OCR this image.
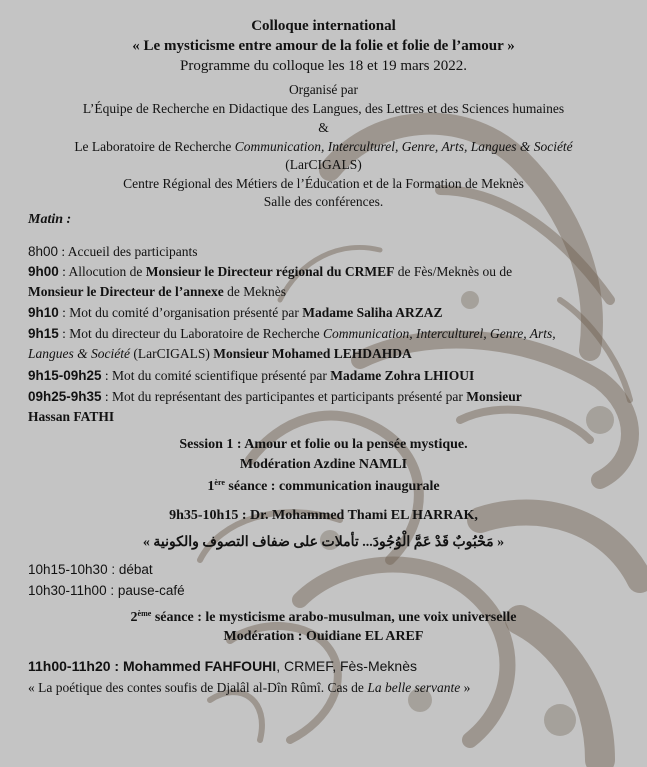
Colloque international
« Le mysticisme entre amour de la folie et folie de l’amour »
Programme du colloque les 18 et 19 mars 2022.
Organisé par
L’Équipe de Recherche en Didactique des Langues, des Lettres et des Sciences humaines
&
Le Laboratoire de Recherche Communication, Interculturel, Genre, Arts, Langues & Société
(LarCIGALS)
Centre Régional des Métiers de l’Éducation et de la Formation de Meknès
Salle des conférences.
Matin :
8h00 : Accueil des participants
9h00 : Allocution de Monsieur le Directeur régional du CRMEF de Fès/Meknès ou de
Monsieur le Directeur de l’annexe de Meknès
9h10 : Mot du comité d’organisation présenté par Madame Saliha ARZAZ
9h15 : Mot du directeur du Laboratoire de Recherche Communication, Interculturel, Genre, Arts,
Langues & Société (LarCIGALS) Monsieur Mohamed LEHDAHDA
9h15-09h25 : Mot du comité scientifique présenté par Madame Zohra LHIOUI
09h25-9h35 : Mot du représentant des participantes et participants présenté par Monsieur
Hassan FATHI
Session 1 : Amour et folie ou la pensée mystique.
Modération Azdine NAMLI
1ère séance : communication inaugurale
9h35-10h15 : Dr. Mohammed Thami EL HARRAK,
« مَحْبُوبٌ قَدْ عَمَّ الْوُجُودَ... تأملات على ضفاف التصوف والكونية »
10h15-10h30 : débat
10h30-11h00 : pause-café
2ème séance : le mysticisme arabo-musulman, une voix universelle
Modération : Ouidiane EL AREF
11h00-11h20 : Mohammed FAHFOUHI, CRMEF, Fès-Meknès
« La poétique des contes soufis de Djalâl al-Dîn Rûmî. Cas de La belle servante »
